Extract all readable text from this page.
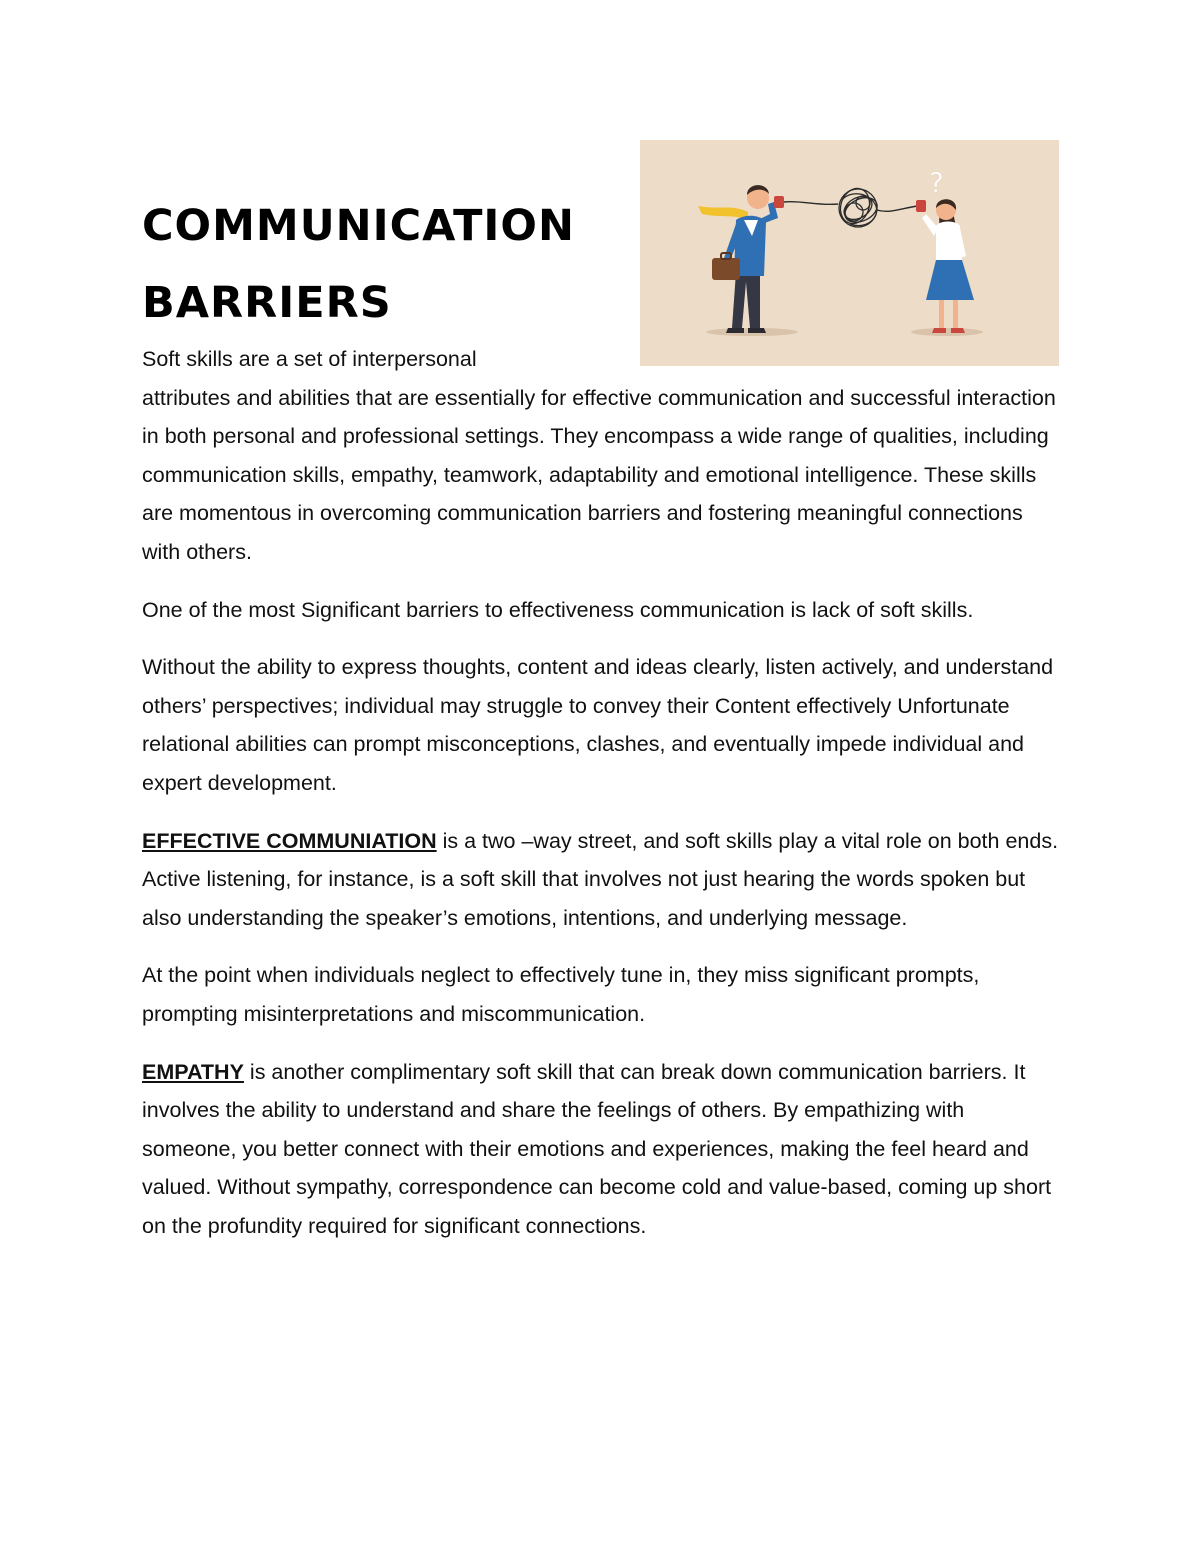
COMMUNICATION
BARRIERS
?

Soft skills are a set of interpersonal

attributes and abilities that are essentially for effective communication and successful interaction in both personal and professional settings. They encompass a wide range of qualities, including communication skills, empathy, teamwork, adaptability and emotional intelligence. These skills are momentous in overcoming communication barriers and fostering meaningful connections with others.

One of the most Significant barriers to effectiveness communication is lack of soft skills.

Without the ability to express thoughts, content and ideas clearly, listen actively, and understand others’ perspectives; individual may struggle to convey their Content effectively Unfortunate relational abilities can prompt misconceptions, clashes, and eventually impede individual and expert development.

EFFECTIVE COMMUNIATION is a two –way street, and soft skills play a vital role on both ends. Active listening, for instance, is a soft skill that involves not just hearing the words spoken but also understanding the speaker’s emotions, intentions, and underlying message.

At the point when individuals neglect to effectively tune in, they miss significant prompts, prompting misinterpretations and miscommunication.

EMPATHY is another complimentary soft skill that can break down communication barriers. It involves the ability to understand and share the feelings of others. By empathizing with someone, you better connect with their emotions and experiences, making the feel heard and valued. Without sympathy, correspondence can become cold and value-based, coming up short on the profundity required for significant connections.
